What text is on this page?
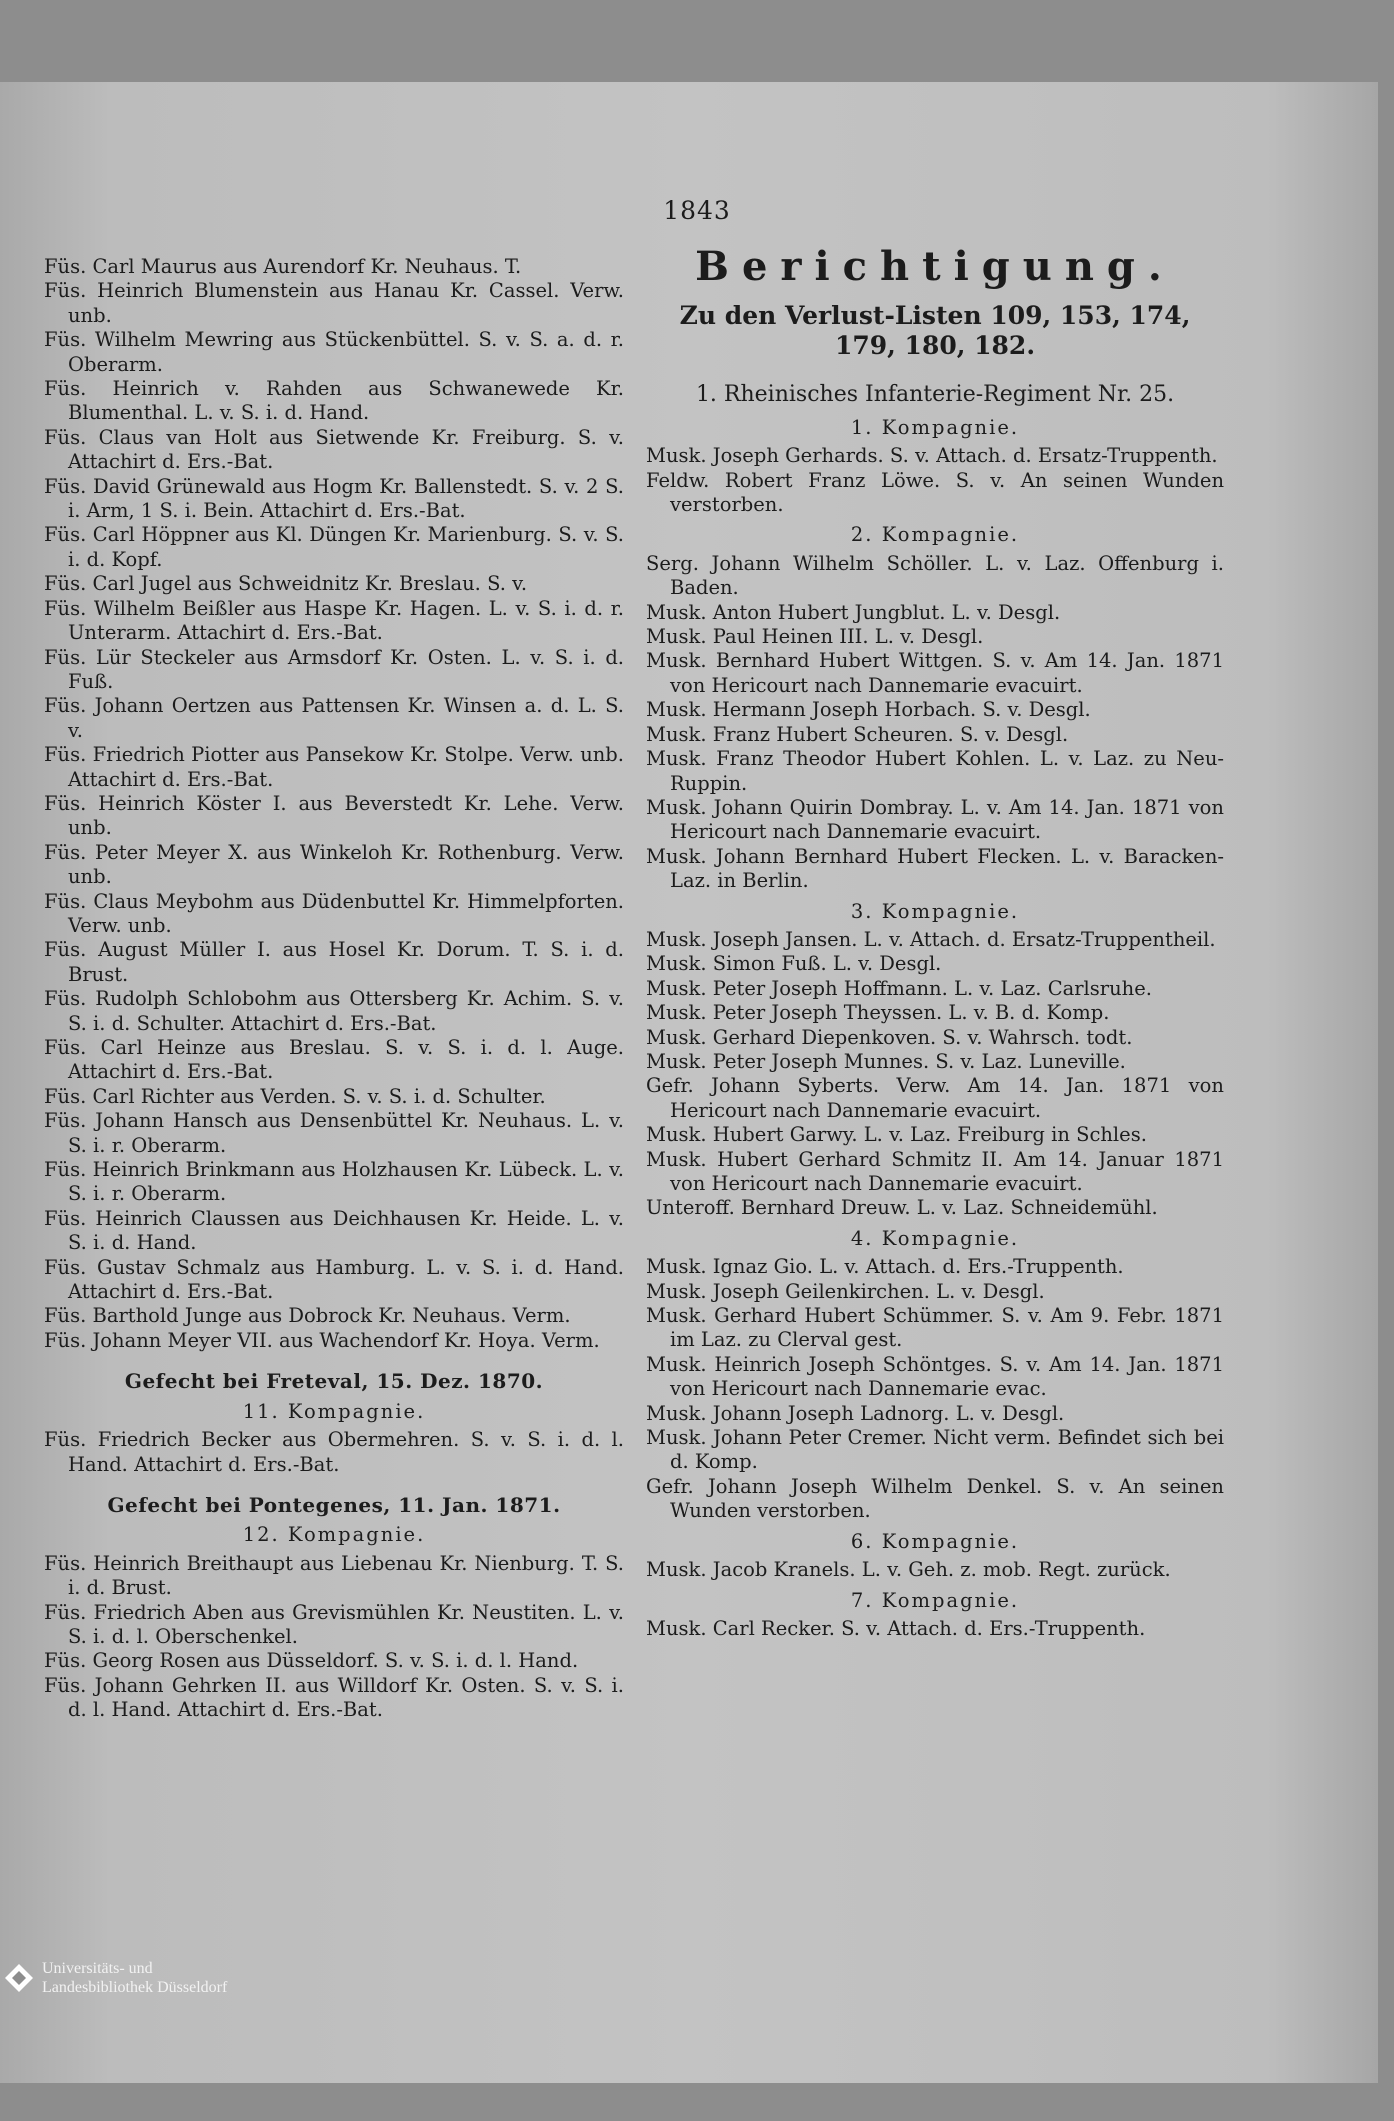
1843
Füs. Carl Maurus aus Aurendorf Kr. Neuhaus. T.
Füs. Heinrich Blumenstein aus Hanau Kr. Cassel. Verw. unb.
Füs. Wilhelm Mewring aus Stückenbüttel. S. v. S. a. d. r. Oberarm.
Füs. Heinrich v. Rahden aus Schwanewede Kr. Blumenthal. L. v. S. i. d. Hand.
Füs. Claus van Holt aus Sietwende Kr. Freiburg. S. v. Attachirt d. Ers.-Bat.
Füs. David Grünewald aus Hogm Kr. Ballenstedt. S. v. 2 S. i. Arm, 1 S. i. Bein. Attachirt d. Ers.-Bat.
Füs. Carl Höppner aus Kl. Düngen Kr. Marienburg. S. v. S. i. d. Kopf.
Füs. Carl Jugel aus Schweidnitz Kr. Breslau. S. v.
Füs. Wilhelm Beißler aus Haspe Kr. Hagen. L. v. S. i. d. r. Unterarm. Attachirt d. Ers.-Bat.
Füs. Lür Steckeler aus Armsdorf Kr. Osten. L. v. S. i. d. Fuß.
Füs. Johann Oertzen aus Pattensen Kr. Winsen a. d. L. S. v.
Füs. Friedrich Piotter aus Pansekow Kr. Stolpe. Verw. unb. Attachirt d. Ers.-Bat.
Füs. Heinrich Köster I. aus Beverstedt Kr. Lehe. Verw. unb.
Füs. Peter Meyer X. aus Winkeloh Kr. Rothenburg. Verw. unb.
Füs. Claus Meybohm aus Düdenbuttel Kr. Himmelpforten. Verw. unb.
Füs. August Müller I. aus Hosel Kr. Dorum. T. S. i. d. Brust.
Füs. Rudolph Schlobohm aus Ottersberg Kr. Achim. S. v. S. i. d. Schulter. Attachirt d. Ers.-Bat.
Füs. Carl Heinze aus Breslau. S. v. S. i. d. l. Auge. Attachirt d. Ers.-Bat.
Füs. Carl Richter aus Verden. S. v. S. i. d. Schulter.
Füs. Johann Hansch aus Densenbüttel Kr. Neuhaus. L. v. S. i. r. Oberarm.
Füs. Heinrich Brinkmann aus Holzhausen Kr. Lübeck. L. v. S. i. r. Oberarm.
Füs. Heinrich Claussen aus Deichhausen Kr. Heide. L. v. S. i. d. Hand.
Füs. Gustav Schmalz aus Hamburg. L. v. S. i. d. Hand. Attachirt d. Ers.-Bat.
Füs. Barthold Junge aus Dobrock Kr. Neuhaus. Verm.
Füs. Johann Meyer VII. aus Wachendorf Kr. Hoya. Verm.
Gefecht bei Freteval, 15. Dez. 1870.
11. Kompagnie.
Füs. Friedrich Becker aus Obermehren. S. v. S. i. d. l. Hand. Attachirt d. Ers.-Bat.
Gefecht bei Pontegenes, 11. Jan. 1871.
12. Kompagnie.
Füs. Heinrich Breithaupt aus Liebenau Kr. Nienburg. T. S. i. d. Brust.
Füs. Friedrich Aben aus Grevismühlen Kr. Neustiten. L. v. S. i. d. l. Oberschenkel.
Füs. Georg Rosen aus Düsseldorf. S. v. S. i. d. l. Hand.
Füs. Johann Gehrken II. aus Willdorf Kr. Osten. S. v. S. i. d. l. Hand. Attachirt d. Ers.-Bat.
Berichtigung.
Zu den Verlust-Listen 109, 153, 174, 179, 180, 182.
1. Rheinisches Infanterie-Regiment Nr. 25.
1. Kompagnie.
Musk. Joseph Gerhards. S. v. Attach. d. Ersatz-Truppenth.
Feldw. Robert Franz Löwe. S. v. An seinen Wunden verstorben.
2. Kompagnie.
Serg. Johann Wilhelm Schöller. L. v. Laz. Offenburg i. Baden.
Musk. Anton Hubert Jungblut. L. v. Desgl.
Musk. Paul Heinen III. L. v. Desgl.
Musk. Bernhard Hubert Wittgen. S. v. Am 14. Jan. 1871 von Hericourt nach Dannemarie evacuirt.
Musk. Hermann Joseph Horbach. S. v. Desgl.
Musk. Franz Hubert Scheuren. S. v. Desgl.
Musk. Franz Theodor Hubert Kohlen. L. v. Laz. zu Neu-Ruppin.
Musk. Johann Quirin Dombray. L. v. Am 14. Jan. 1871 von Hericourt nach Dannemarie evacuirt.
Musk. Johann Bernhard Hubert Flecken. L. v. Baracken-Laz. in Berlin.
3. Kompagnie.
Musk. Joseph Jansen. L. v. Attach. d. Ersatz-Truppentheil.
Musk. Simon Fuß. L. v. Desgl.
Musk. Peter Joseph Hoffmann. L. v. Laz. Carlsruhe.
Musk. Peter Joseph Theyssen. L. v. B. d. Komp.
Musk. Gerhard Diepenkoven. S. v. Wahrsch. todt.
Musk. Peter Joseph Munnes. S. v. Laz. Luneville.
Gefr. Johann Syberts. Verw. Am 14. Jan. 1871 von Hericourt nach Dannemarie evacuirt.
Musk. Hubert Garwy. L. v. Laz. Freiburg in Schles.
Musk. Hubert Gerhard Schmitz II. Am 14. Januar 1871 von Hericourt nach Dannemarie evacuirt.
Unteroff. Bernhard Dreuw. L. v. Laz. Schneidemühl.
4. Kompagnie.
Musk. Ignaz Gio. L. v. Attach. d. Ers.-Truppenth.
Musk. Joseph Geilenkirchen. L. v. Desgl.
Musk. Gerhard Hubert Schümmer. S. v. Am 9. Febr. 1871 im Laz. zu Clerval gest.
Musk. Heinrich Joseph Schöntges. S. v. Am 14. Jan. 1871 von Hericourt nach Dannemarie evac.
Musk. Johann Joseph Ladnorg. L. v. Desgl.
Musk. Johann Peter Cremer. Nicht verm. Befindet sich bei d. Komp.
Gefr. Johann Joseph Wilhelm Denkel. S. v. An seinen Wunden verstorben.
6. Kompagnie.
Musk. Jacob Kranels. L. v. Geh. z. mob. Regt. zurück.
7. Kompagnie.
Musk. Carl Recker. S. v. Attach. d. Ers.-Truppenth.
Universitäts- und
Landesbibliothek Düsseldorf
